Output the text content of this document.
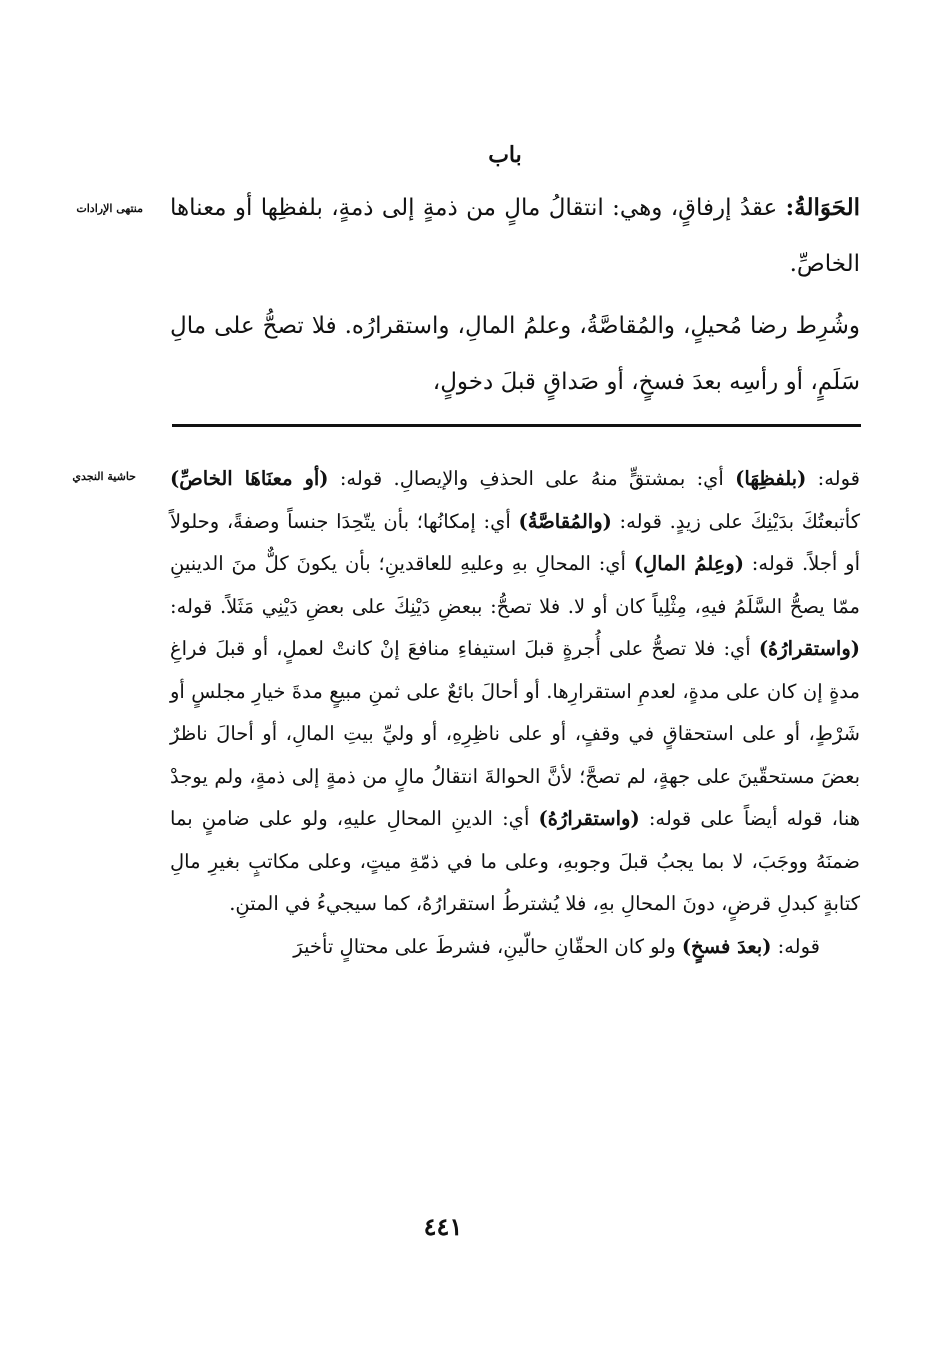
باب
منتهى الإرادات
حاشية النجدي

الحَوَالةُ: عقدُ إرفاقٍ، وهي: انتقالُ مالٍ من ذمةٍ إلى ذمةٍ، بلفظِها أو معناها الخاصِّ.

وشُرِط رضا مُحيلٍ، والمُقاصَّةُ، وعلمُ المالِ، واستقرارُه. فلا تصحُّ على مالِ سَلَمٍ، أو رأسِه بعدَ فسخٍ، أو صَداقٍ قبلَ دخولٍ،

قوله: (بلفظِهَا) أي: بمشتقٍّ منهُ على الحذفِ والإيصالِ. قوله: (أو معنَاهَا الخاصِّ) كأتبعتُكَ بدَيْنِكَ على زيدٍ. قوله: (والمُقاصَّةُ) أي: إمكانُها؛ بأن يتّحِدَا جنساً وصفةً، وحلولاً أو أجلاً. قوله: (وعِلمُ المالِ) أي: المحالِ بهِ وعليهِ للعاقدينِ؛ بأن يكونَ كلٌّ منَ الدينينِ ممّا يصحُّ السَّلَمُ فيهِ، مِثْلِياً كان أو لا. فلا تصحُّ: ببعضِ دَيْنِكَ على بعضِ دَيْنِي مَثَلاً. قوله: (واستقرارُهُ) أي: فلا تصحُّ على أُجرةٍ قبلَ استيفاءِ منافعَ إنْ كانتْ لعملٍ، أو قبلَ فراغِ مدةٍ إن كان على مدةٍ، لعدمِ استقرارِها. أو أحالَ بائعٌ على ثمنِ مبيعٍ مدةَ خيارِ مجلسٍ أو شَرْطٍ، أو على استحقاقٍ في وقفٍ، أو على ناظِرِهِ، أو وليِّ بيتِ المالِ، أو أحالَ ناظرٌ بعضَ مستحقّينَ على جهةٍ، لم تصحَّ؛ لأنَّ الحوالةَ انتقالُ مالٍ من ذمةٍ إلى ذمةٍ، ولم يوجدْ هنا، قوله أيضاً على قوله: (واستقرارُهُ) أي: الدينِ المحالِ عليهِ، ولو على ضامنٍ بما ضمنَهُ ووجَبَ، لا بما يجبُ قبلَ وجوبهِ، وعلى ما في ذمّةِ ميتٍ، وعلى مكاتبٍ بغيرِ مالِ كتابةٍ كبدلِ قرضٍ، دونَ المحالِ بهِ، فلا يُشترطُ استقرارُهُ، كما سيجيءُ في المتنِ.

قوله: (بعدَ فسخٍ) ولو كان الحقّانِ حالّينِ، فشرطَ على محتالٍ تأخيرَ

٤٤١
